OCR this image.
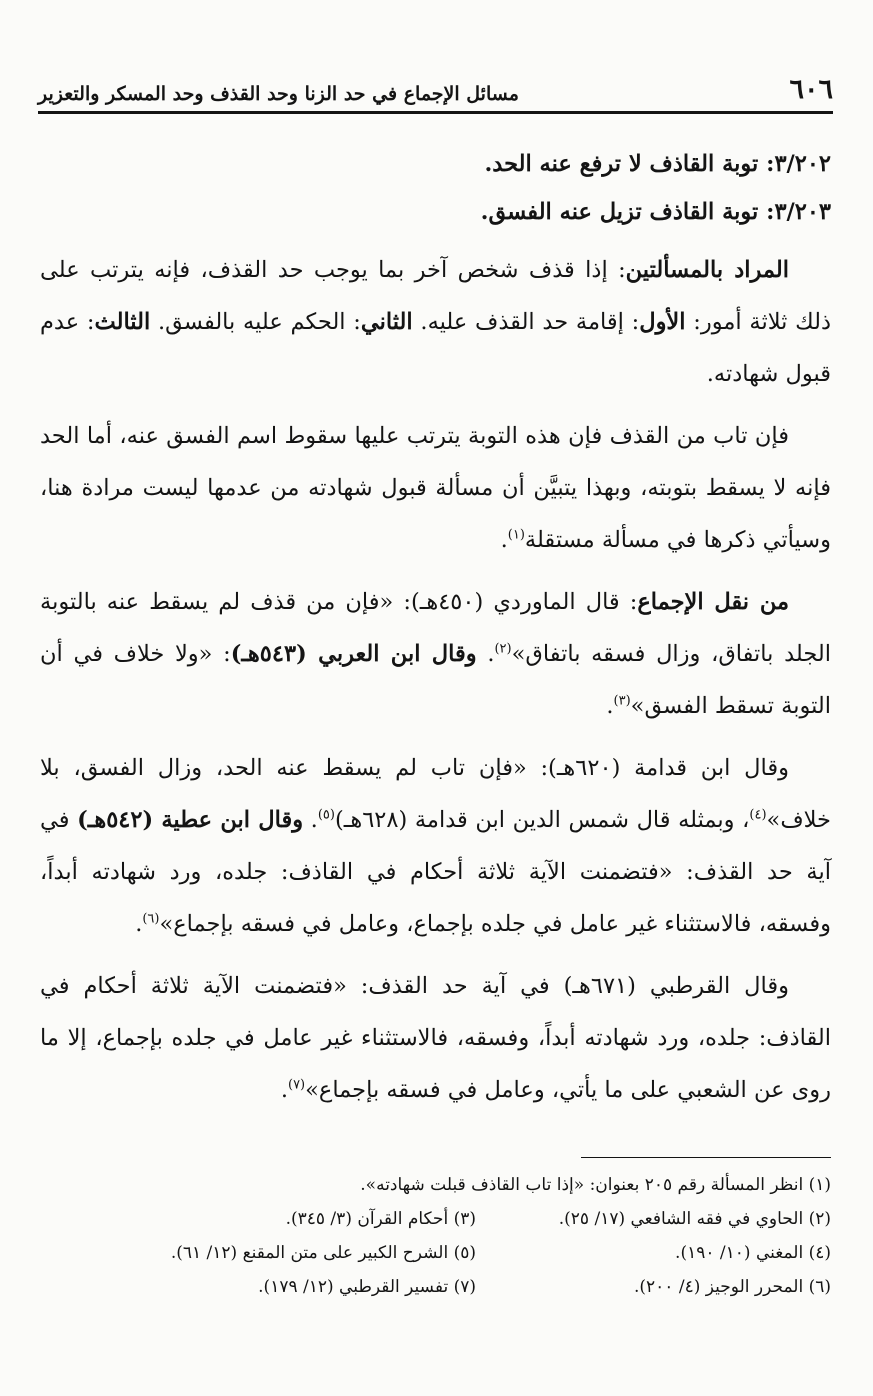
٦٠٦
مسائل الإجماع في حد الزنا وحد القذف وحد المسكر والتعزير
٣/٢٠٢: توبة القاذف لا ترفع عنه الحد.
٣/٢٠٣: توبة القاذف تزيل عنه الفسق.

المراد بالمسألتين: إذا قذف شخص آخر بما يوجب حد القذف، فإنه يترتب على ذلك ثلاثة أمور: الأول: إقامة حد القذف عليه. الثاني: الحكم عليه بالفسق. الثالث: عدم قبول شهادته.

فإن تاب من القذف فإن هذه التوبة يترتب عليها سقوط اسم الفسق عنه، أما الحد فإنه لا يسقط بتوبته، وبهذا يتبيَّن أن مسألة قبول شهادته من عدمها ليست مرادة هنا، وسيأتي ذكرها في مسألة مستقلة$^{(١)}$.

من نقل الإجماع: قال الماوردي (٤٥٠هـ): «فإن من قذف لم يسقط عنه بالتوبة الجلد باتفاق، وزال فسقه باتفاق»$^{(٢)}$. وقال ابن العربي (٥٤٣هـ): «ولا خلاف في أن التوبة تسقط الفسق»$^{(٣)}$.

وقال ابن قدامة (٦٢٠هـ): «فإن تاب لم يسقط عنه الحد، وزال الفسق، بلا خلاف»$^{(٤)}$، وبمثله قال شمس الدين ابن قدامة (٦٢٨هـ)$^{(٥)}$. وقال ابن عطية (٥٤٢هـ) في آية حد القذف: «فتضمنت الآية ثلاثة أحكام في القاذف: جلده، ورد شهادته أبداً، وفسقه، فالاستثناء غير عامل في جلده بإجماع، وعامل في فسقه بإجماع»$^{(٦)}$.

وقال القرطبي (٦٧١هـ) في آية حد القذف: «فتضمنت الآية ثلاثة أحكام في القاذف: جلده، ورد شهادته أبداً، وفسقه، فالاستثناء غير عامل في جلده بإجماع، إلا ما روى عن الشعبي على ما يأتي، وعامل في فسقه بإجماع»$^{(٧)}$.

(١) انظر المسألة رقم ٢٠٥ بعنوان: «إذا تاب القاذف قبلت شهادته».
(٢) الحاوي في فقه الشافعي (١٧/ ٢٥).
(٣) أحكام القرآن (٣/ ٣٤٥).
(٤) المغني (١٠/ ١٩٠).
(٥) الشرح الكبير على متن المقنع (١٢/ ٦١).
(٦) المحرر الوجيز (٤/ ٢٠٠).
(٧) تفسير القرطبي (١٢/ ١٧٩).
